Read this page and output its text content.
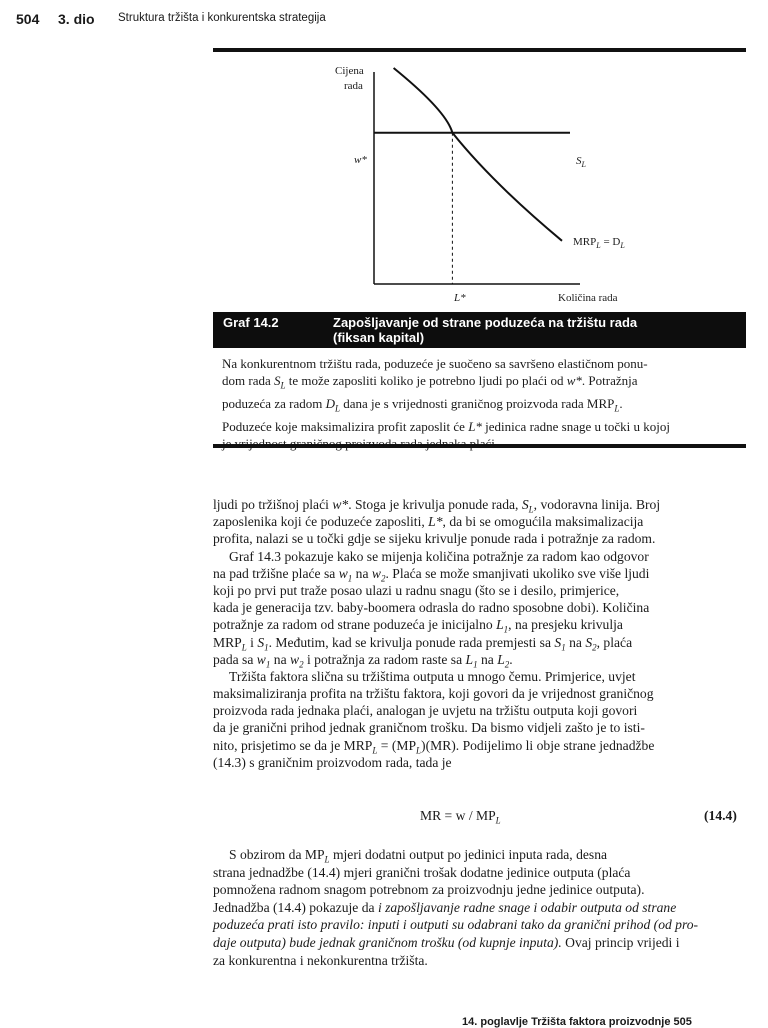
504 3. dio Struktura tržišta i konkurentska strategija
Cijena
rada
w*
L*	Količina rada
$S_L$
$MRP_L = D_L$
Graf 14.2	Zapošljavanje od strane poduzeća na tržištu rada
(fiksan kapital)
Na konkurentnom tržištu rada, poduzeće je suočeno sa savršeno elastičnom ponu-
dom rada $S_L$ te može zaposliti koliko je potrebno ljudi po plaći od w*. Potražnja
poduzeća za radom $D_L$ dana je s vrijednosti graničnog proizvoda rada $MRP_L$.
Poduzeće koje maksimalizira profit zaposlit će L* jedinica radne snage u točki u kojoj
ljudi po tržišnoj plaći w*. Stoga je krivulja ponude rada, $S_L$, vodoravna linija. Broj
zaposlenika koji će poduzeće zaposliti, L*, da bi se omogućila maksimalizacija
profita, nalazi se u točki gdje se sijeku krivulje ponude rada i potražnje za radom.
Graf 14.3 pokazuje kako se mijenja količina potražnje za radom kao odgovor
na pad tržišne plaće sa $w_1$ na $w_2$. Plaća se može smanjivati ukoliko sve više ljudi
koji po prvi put traže posao ulazi u radnu snagu (što se i desilo, primjerice,
kada je generacija tzv. baby-boomera odrasla do radno sposobne dobi). Količina
potražnje za radom od strane poduzeća je inicijalno $L_1$, na presjeku krivulja
$MRP_L$ i $S_1$. Međutim, kad se krivulja ponude rada premjesti sa $S_1$ na $S_2$, plaća
pada sa $w_1$ na $w_2$ i potražnja za radom raste sa $L_1$ na $L_2$.
Tržišta faktora slična su tržištima outputa u mnogo čemu. Primjerice, uvjet
maksimaliziranja profita na tržištu faktora, koji govori da je vrijednost graničnog
proizvoda rada jednaka plaći, analogan je uvjetu na tržištu outputa koji govori
da je granični prihod jednak graničnom trošku. Da bismo vidjeli zašto je to isti-
nito, prisjetimo se da je $MRP_L = (MP_L)(MR)$. Podijelimo li obje strane jednadžbe
(14.3) s graničnim proizvodom rada, tada je
MR = w / $MP_L$	(14.4)
S obzirom da $MP_L$ mjeri dodatni output po jedinici inputa rada, desna
strana jednadžbe (14.4) mjeri granični trošak dodatne jedinice outputa (plaća
pomnožena radnom snagom potrebnom za proizvodnju jedne jedinice outputa).
Jednadžba (14.4) pokazuje da i zapošljavanje radne snage i odabir outputa od strane
poduzeća prati isto pravilo: inputi i outputi su odabrani tako da granični prihod (od pro-
daje outputa) bude jednak graničnom trošku (od kupnje inputa). Ovaj princip vrijedi i
za konkurentna i nekonkurentna tržišta.
14. poglavlje Tržišta faktora proizvodnje 505
